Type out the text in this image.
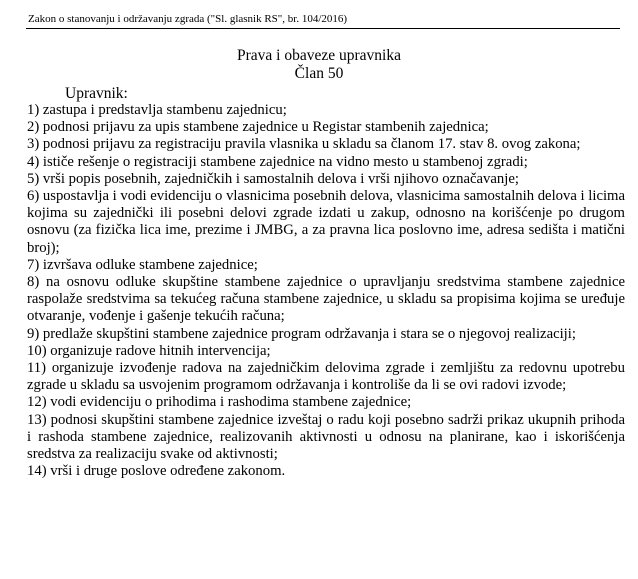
Zakon o stanovanju i održavanju zgrada ("Sl. glasnik RS", br. 104/2016)
Prava i obaveze upravnika
Član 50
Upravnik:
1) zastupa i predstavlja stambenu zajednicu;
2) podnosi prijavu za upis stambene zajednice u Registar stambenih zajednica;
3) podnosi prijavu za registraciju pravila vlasnika u skladu sa članom 17. stav 8. ovog zakona;
4) ističe rešenje o registraciji stambene zajednice na vidno mesto u stambenoj zgradi;
5) vrši popis posebnih, zajedničkih i samostalnih delova i vrši njihovo označavanje;
6) uspostavlja i vodi evidenciju o vlasnicima posebnih delova, vlasnicima samostalnih delova i licima kojima su zajednički ili posebni delovi zgrade izdati u zakup, odnosno na korišćenje po drugom osnovu (za fizička lica ime, prezime i JMBG, a za pravna lica poslovno ime, adresa sedišta i matični broj);
7) izvršava odluke stambene zajednice;
8) na osnovu odluke skupštine stambene zajednice o upravljanju sredstvima stambene zajednice raspolaže sredstvima sa tekućeg računa stambene zajednice, u skladu sa propisima kojima se uređuje otvaranje, vođenje i gašenje tekućih računa;
9) predlaže skupštini stambene zajednice program održavanja i stara se o njegovoj realizaciji;
10) organizuje radove hitnih intervencija;
11) organizuje izvođenje radova na zajedničkim delovima zgrade i zemljištu za redovnu upotrebu zgrade u skladu sa usvojenim programom održavanja i kontroliše da li se ovi radovi izvode;
12) vodi evidenciju o prihodima i rashodima stambene zajednice;
13) podnosi skupštini stambene zajednice izveštaj o radu koji posebno sadrži prikaz ukupnih prihoda i rashoda stambene zajednice, realizovanih aktivnosti u odnosu na planirane, kao i iskorišćenja sredstva za realizaciju svake od aktivnosti;
14) vrši i druge poslove određene zakonom.
